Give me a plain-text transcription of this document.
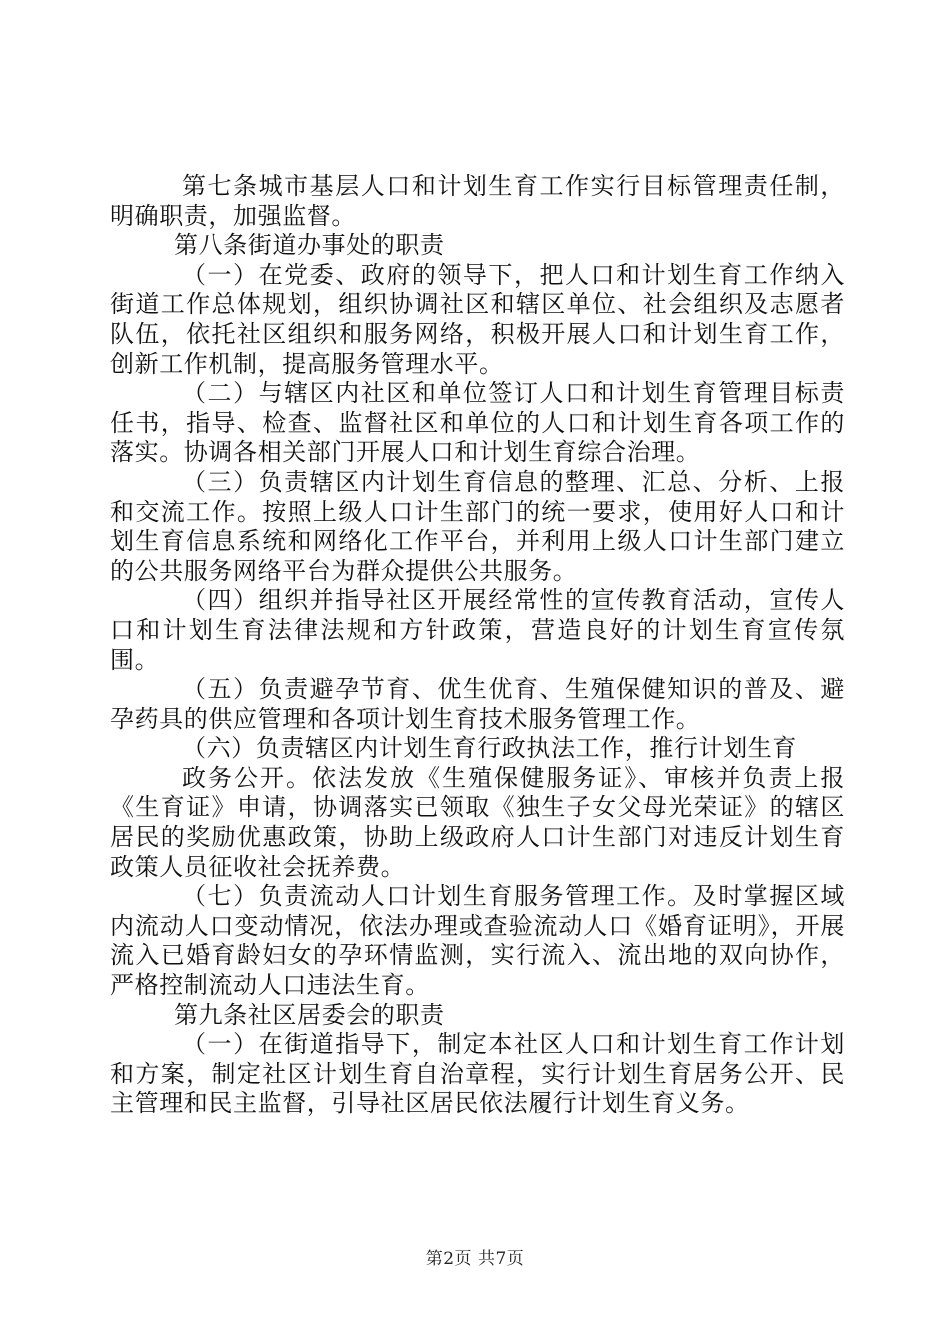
第七条城市基层人口和计划生育工作实行目标管理责任制，明确职责，加强监督。

第八条街道办事处的职责

（一）在党委、政府的领导下，把人口和计划生育工作纳入街道工作总体规划，组织协调社区和辖区单位、社会组织及志愿者队伍，依托社区组织和服务网络，积极开展人口和计划生育工作，创新工作机制，提高服务管理水平。

（二）与辖区内社区和单位签订人口和计划生育管理目标责任书，指导、检查、监督社区和单位的人口和计划生育各项工作的落实。协调各相关部门开展人口和计划生育综合治理。

（三）负责辖区内计划生育信息的整理、汇总、分析、上报和交流工作。按照上级人口计生部门的统一要求，使用好人口和计划生育信息系统和网络化工作平台，并利用上级人口计生部门建立的公共服务网络平台为群众提供公共服务。

（四）组织并指导社区开展经常性的宣传教育活动，宣传人口和计划生育法律法规和方针政策，营造良好的计划生育宣传氛围。

（五）负责避孕节育、优生优育、生殖保健知识的普及、避孕药具的供应管理和各项计划生育技术服务管理工作。

（六）负责辖区内计划生育行政执法工作，推行计划生育

政务公开。依法发放《生殖保健服务证》、审核并负责上报《生育证》申请，协调落实已领取《独生子女父母光荣证》的辖区居民的奖励优惠政策，协助上级政府人口计生部门对违反计划生育政策人员征收社会抚养费。

（七）负责流动人口计划生育服务管理工作。及时掌握区域内流动人口变动情况，依法办理或查验流动人口《婚育证明》，开展流入已婚育龄妇女的孕环情监测，实行流入、流出地的双向协作，严格控制流动人口违法生育。

第九条社区居委会的职责

（一）在街道指导下，制定本社区人口和计划生育工作计划和方案，制定社区计划生育自治章程，实行计划生育居务公开、民主管理和民主监督，引导社区居民依法履行计划生育义务。

第2页 共7页
